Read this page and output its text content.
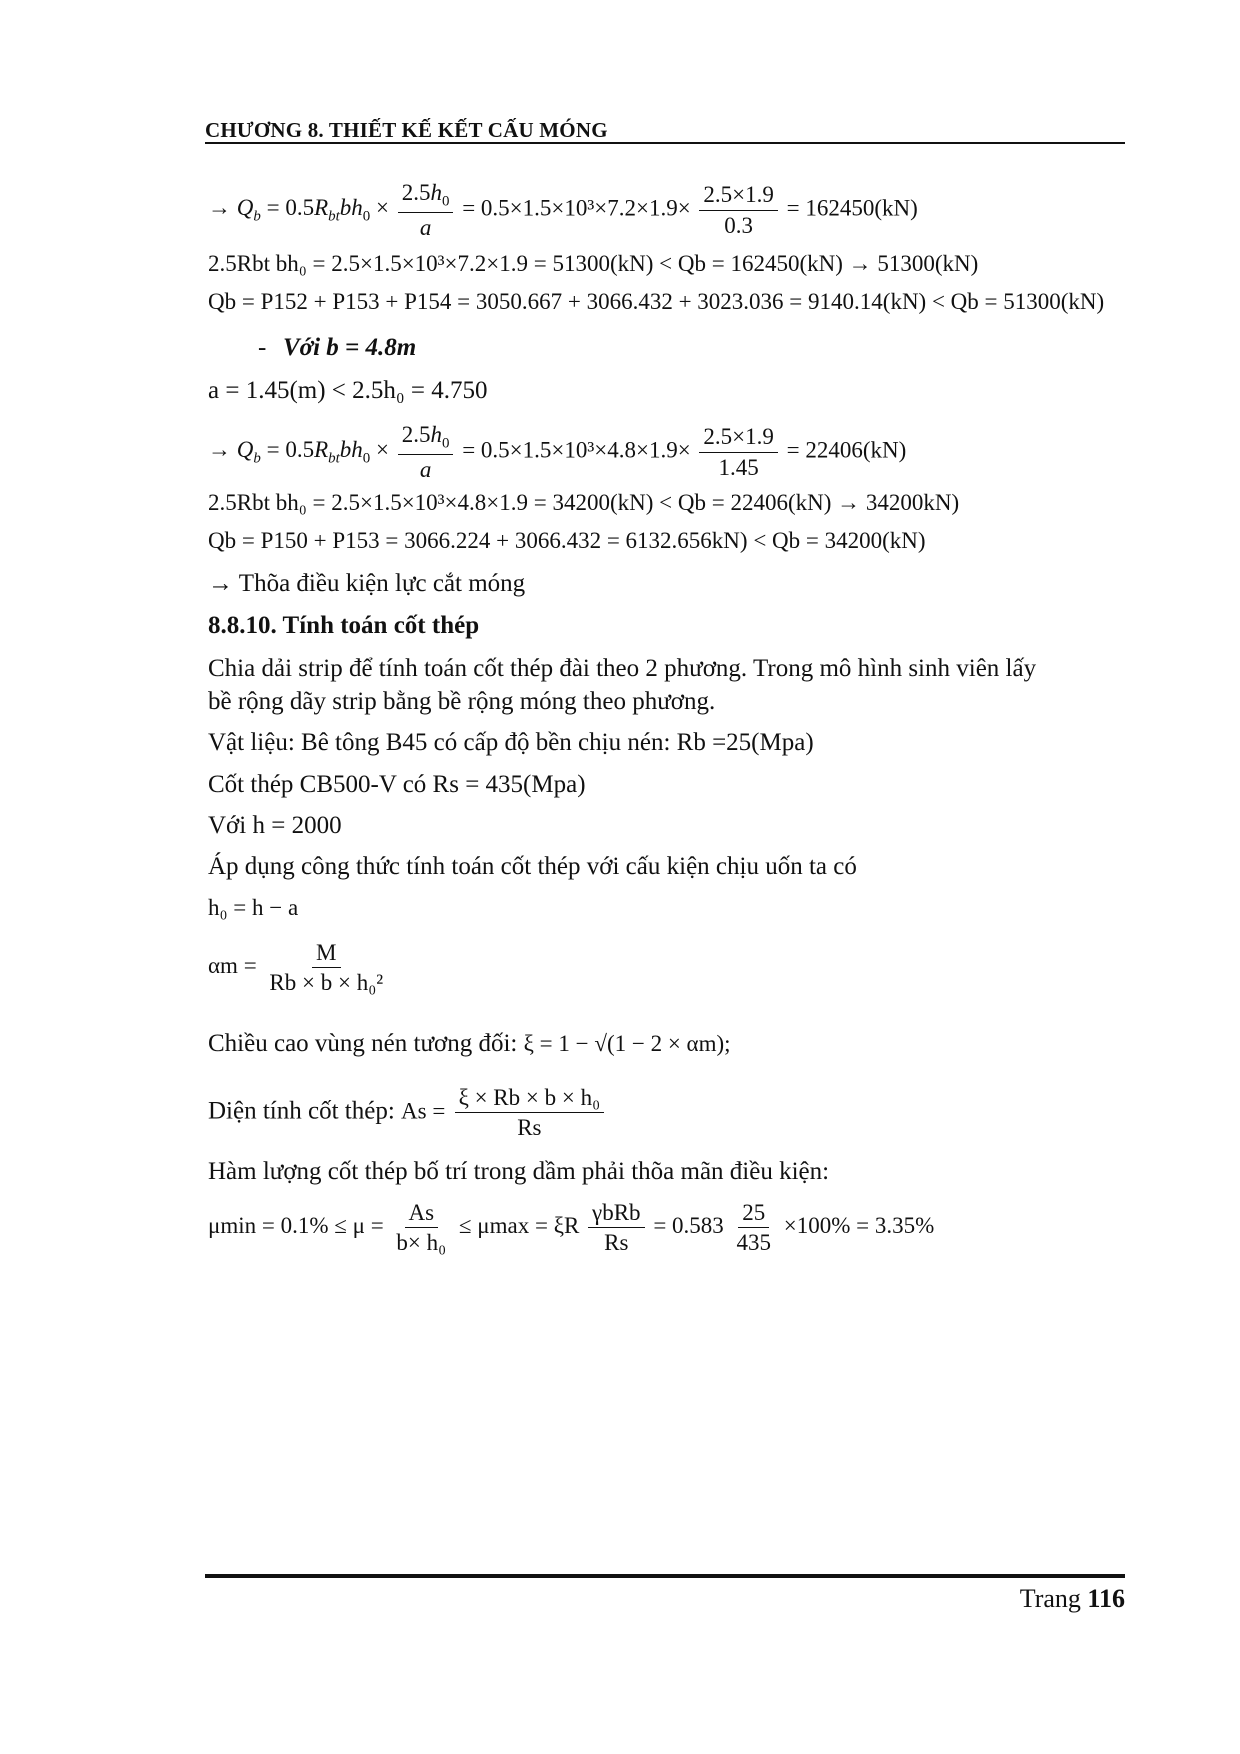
CHƯƠNG 8. THIẾT KẾ KẾT CẤU MÓNG
→ $Q_b = 0.5R_{bt}bh_0 \times \frac{2.5h_0}{a} = 0.5\times 1.5\times 10^3\times 7.2\times 1.9\times \frac{2.5\times 1.9}{0.3} = 162450(kN)$
2.5Rbt bh₀ = 2.5×1.5×10³×7.2×1.9 = 51300(kN) < Qb = 162450(kN) → 51300(kN)
Qb = P152 + P153 + P154 = 3050.667 + 3066.432 + 3023.036 = 9140.14(kN) < Qb = 51300(kN)
- Với b = 4.8m
a = 1.45(m) < 2.5h₀ = 4.750
→ $Q_b = 0.5R_{bt}bh_0 \times \frac{2.5h_0}{a} = 0.5\times 1.5\times 10^3\times 4.8\times 1.9\times \frac{2.5\times 1.9}{1.45} = 22406(kN)$
2.5Rbt bh₀ = 2.5×1.5×10³×4.8×1.9 = 34200(kN) < Qb = 22406(kN) → 34200kN)
Qb = P150 + P153 = 3066.224 + 3066.432 = 6132.656kN) < Qb = 34200(kN)
→ Thõa điều kiện lực cắt móng
8.8.10. Tính toán cốt thép
Chia dải strip để tính toán cốt thép đài theo 2 phương. Trong mô hình sinh viên lấy
bề rộng dãy strip bằng bề rộng móng theo phương.
Vật liệu: Bê tông B45 có cấp độ bền chịu nén: Rb =25(Mpa)
Cốt thép CB500-V có Rs = 435(Mpa)
Với h = 2000
Áp dụng công thức tính toán cốt thép với cấu kiện chịu uốn ta có
h₀ = h − a
$\alpha m = \frac{M}{\text{Rb × b × h₀²}}$
Chiều cao vùng nén tương đối: ξ = 1 − √(1 − 2 × αm);
Diện tính cốt thép: $As = \frac{\text{ξ × Rb × b × h₀}}{Rs}$
Hàm lượng cốt thép bố trí trong dầm phải thõa mãn điều kiện:
$\mu\min = 0.1\% \le \mu = \frac{As}{\text{b× h₀}} \le \mu\max = \xi R \frac{\text{γbRb}}{Rs} = 0.583 \frac{25}{435} \times 100\% = 3.35\%$
Trang 116
